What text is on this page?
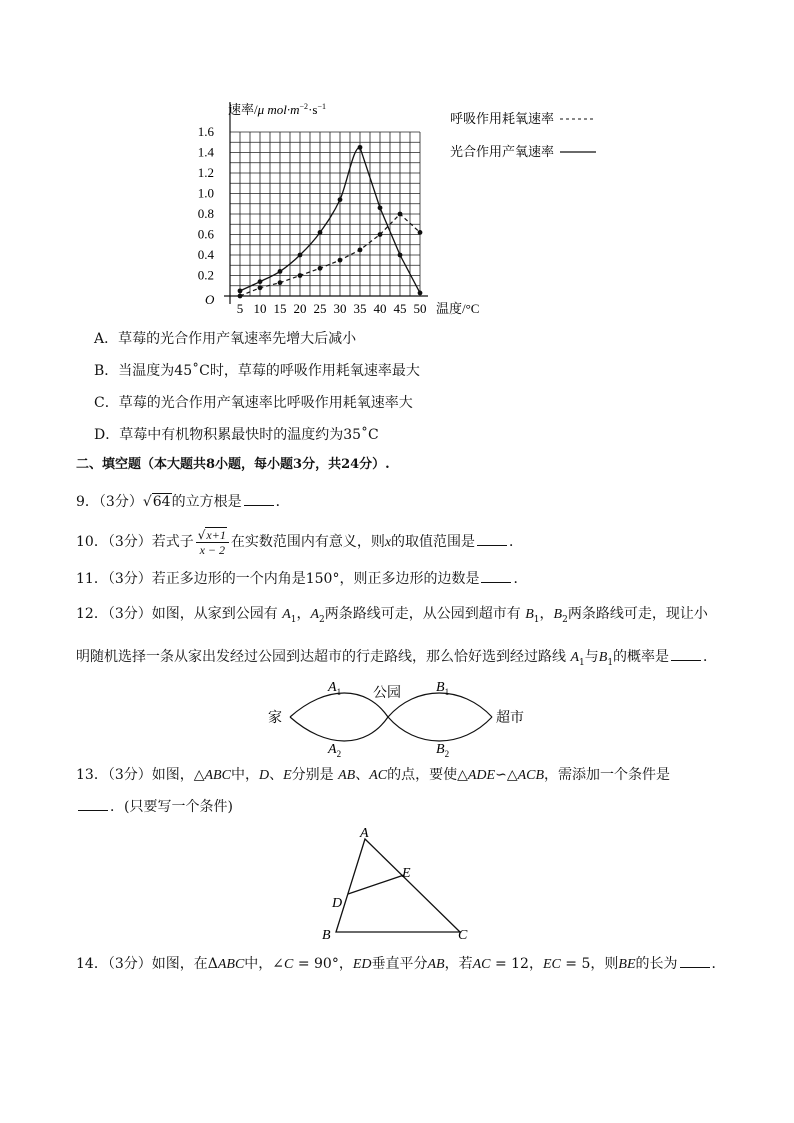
5 10 15 20 25 30 35 40 45 50
0.2
0.4
0.6
0.8
1.0
1.2
1.4
1.6
速率/μ $mol\cdot m^{-2}\cdot s^{-1}$
温度/°C
O
呼吸作用耗氧速率
光合作用产氧速率
A．草莓的光合作用产氧速率先增大后减小
B．当温度为45˚C时，草莓的呼吸作用耗氧速率最大
C．草莓的光合作用产氧速率比呼吸作用耗氧速率大
D．草莓中有机物积累最快时的温度约为35˚C
二、填空题（本大题共8小题，每小题3分，共24分）.
9．（3分）√64的立方根是 ．
10．（3分）若式子 $\frac{√x+1}{x - 2}$ 在实数范围内有意义，则x的取值范围是 ．
11．（3分）若正多边形的一个内角是150°，则正多边形的边数是 ．
12．（3分）如图，从家到公园有 $A_1$，$A_2$两条路线可走，从公园到超市有 $B_1$，$B_2$两条路线可走，现让小
明随机选择一条从家出发经过公园到达超市的行走路线，那么恰好选到经过路线 $A_1$与$B_1$的概率是 ．
家
公园
超市
$A_1$
$A_2$
$B_1$
$B_2$
13．（3分）如图，△ABC中，D、E分别是 AB、AC的点，要使△ADE∽△ACB，需添加一个条件是
．(只要写一个条件)
A
B	C
D
E
14．（3分）如图，在ΔABC中，∠C = 90°，ED垂直平分AB，若AC = 12，EC = 5，则BE的长为 ．
